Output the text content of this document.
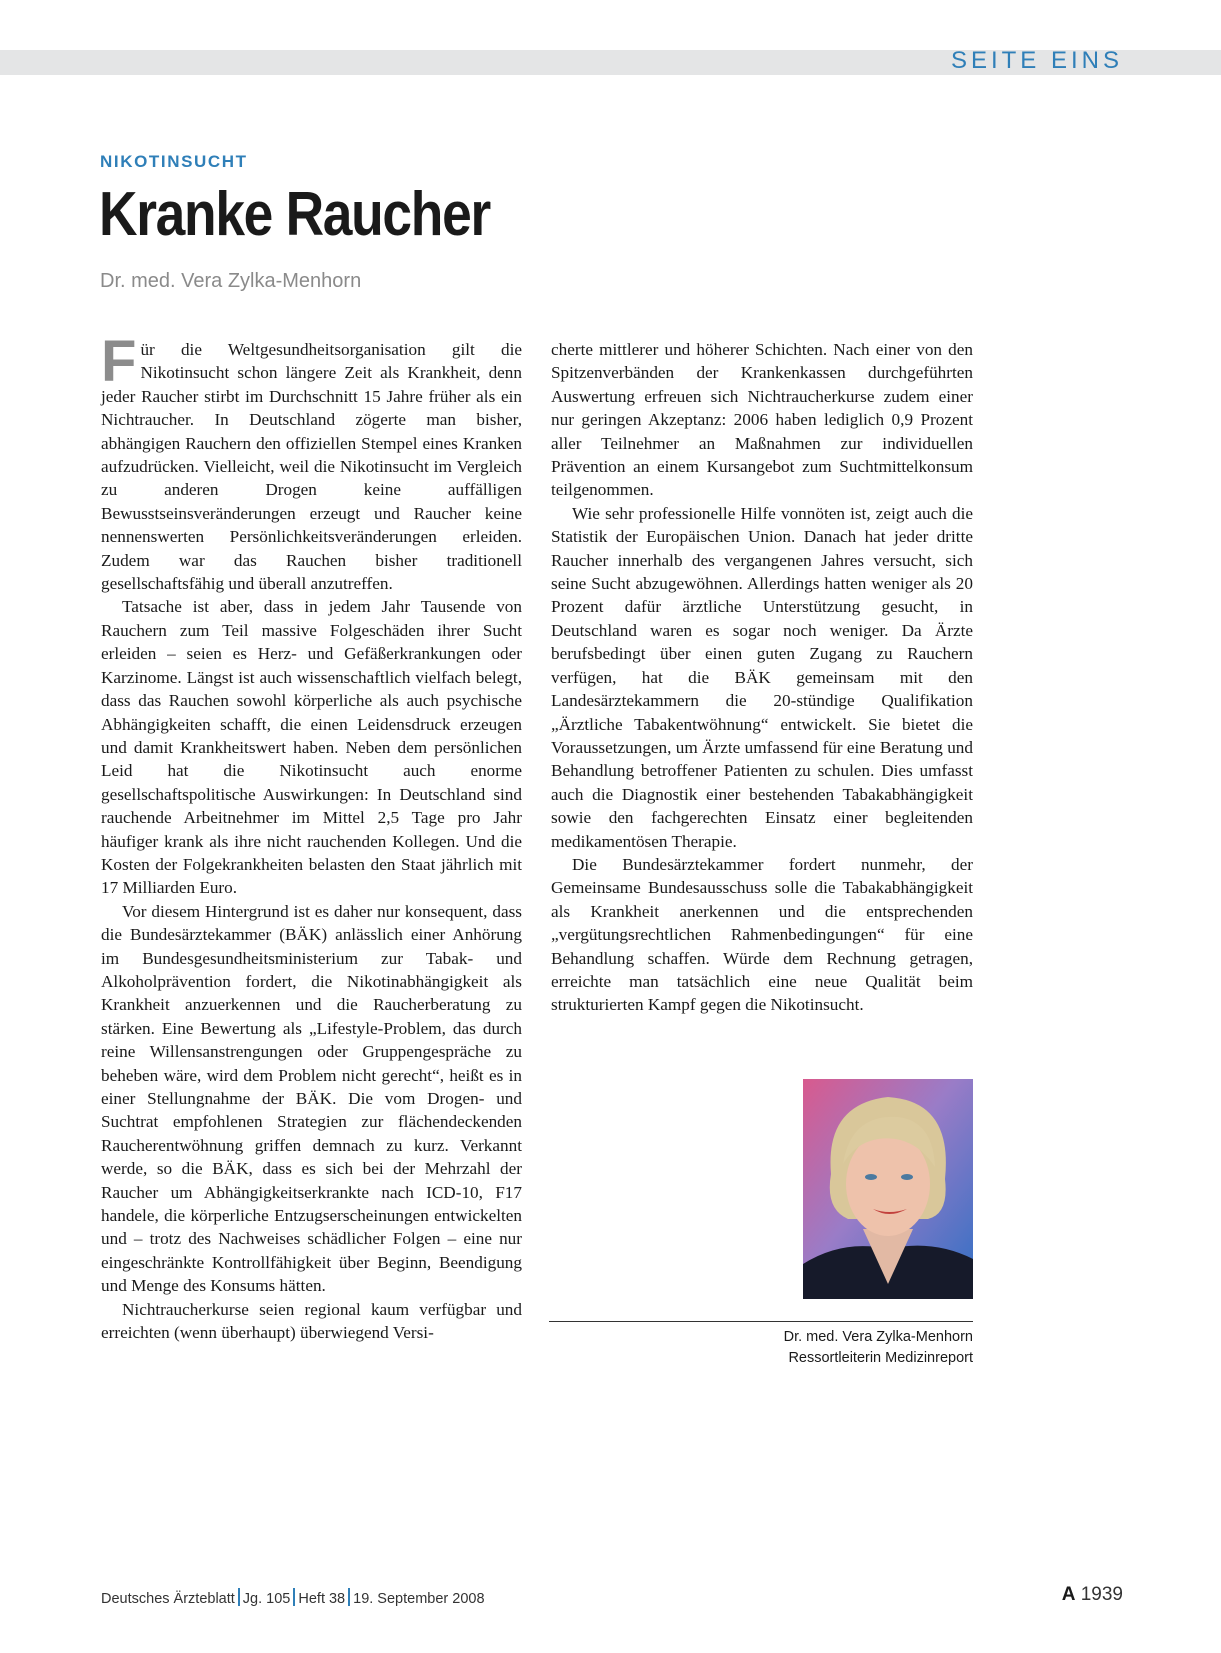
SEITE EINS
NIKOTINSUCHT
Kranke Raucher
Dr. med. Vera Zylka-Menhorn

Für die Weltgesundheitsorganisation gilt die Nikotinsucht schon längere Zeit als Krankheit, denn jeder Raucher stirbt im Durchschnitt 15 Jahre früher als ein Nichtraucher. In Deutschland zögerte man bisher, abhängigen Rauchern den offiziellen Stempel eines Kranken aufzudrücken. Vielleicht, weil die Nikotinsucht im Vergleich zu anderen Drogen keine auffälligen Bewusstseinsveränderungen erzeugt und Raucher keine nennenswerten Persönlichkeitsveränderungen erleiden. Zudem war das Rauchen bisher traditionell gesellschaftsfähig und überall anzutreffen.

Tatsache ist aber, dass in jedem Jahr Tausende von Rauchern zum Teil massive Folgeschäden ihrer Sucht erleiden – seien es Herz- und Gefäßerkrankungen oder Karzinome. Längst ist auch wissenschaftlich vielfach belegt, dass das Rauchen sowohl körperliche als auch psychische Abhängigkeiten schafft, die einen Leidensdruck erzeugen und damit Krankheitswert haben. Neben dem persönlichen Leid hat die Nikotinsucht auch enorme gesellschaftspolitische Auswirkungen: In Deutschland sind rauchende Arbeitnehmer im Mittel 2,5 Tage pro Jahr häufiger krank als ihre nicht rauchenden Kollegen. Und die Kosten der Folgekrankheiten belasten den Staat jährlich mit 17 Milliarden Euro.

Vor diesem Hintergrund ist es daher nur konsequent, dass die Bundesärztekammer (BÄK) anlässlich einer Anhörung im Bundesgesundheitsministerium zur Tabak- und Alkoholprävention fordert, die Nikotinabhängigkeit als Krankheit anzuerkennen und die Raucherberatung zu stärken. Eine Bewertung als „Lifestyle-Problem, das durch reine Willensanstrengungen oder Gruppengespräche zu beheben wäre, wird dem Problem nicht gerecht“, heißt es in einer Stellungnahme der BÄK. Die vom Drogen- und Suchtrat empfohlenen Strategien zur flächendeckenden Raucherentwöhnung griffen demnach zu kurz. Verkannt werde, so die BÄK, dass es sich bei der Mehrzahl der Raucher um Abhängigkeitserkrankte nach ICD-10, F17 handele, die körperliche Entzugserscheinungen entwickelten und – trotz des Nachweises schädlicher Folgen – eine nur eingeschränkte Kontrollfähigkeit über Beginn, Beendigung und Menge des Konsums hätten.

Nichtraucherkurse seien regional kaum verfügbar und erreichten (wenn überhaupt) überwiegend Versi-

cherte mittlerer und höherer Schichten. Nach einer von den Spitzenverbänden der Krankenkassen durchgeführten Auswertung erfreuen sich Nichtraucherkurse zudem einer nur geringen Akzeptanz: 2006 haben lediglich 0,9 Prozent aller Teilnehmer an Maßnahmen zur individuellen Prävention an einem Kursangebot zum Suchtmittelkonsum teilgenommen.

Wie sehr professionelle Hilfe vonnöten ist, zeigt auch die Statistik der Europäischen Union. Danach hat jeder dritte Raucher innerhalb des vergangenen Jahres versucht, sich seine Sucht abzugewöhnen. Allerdings hatten weniger als 20 Prozent dafür ärztliche Unterstützung gesucht, in Deutschland waren es sogar noch weniger. Da Ärzte berufsbedingt über einen guten Zugang zu Rauchern verfügen, hat die BÄK gemeinsam mit den Landesärztekammern die 20-stündige Qualifikation „Ärztliche Tabakentwöhnung“ entwickelt. Sie bietet die Voraussetzungen, um Ärzte umfassend für eine Beratung und Behandlung betroffener Patienten zu schulen. Dies umfasst auch die Diagnostik einer bestehenden Tabakabhängigkeit sowie den fachgerechten Einsatz einer begleitenden medikamentösen Therapie.

Die Bundesärztekammer fordert nunmehr, der Gemeinsame Bundesausschuss solle die Tabakabhängigkeit als Krankheit anerkennen und die entsprechenden „vergütungsrechtlichen Rahmenbedingungen“ für eine Behandlung schaffen. Würde dem Rechnung getragen, erreichte man tatsächlich eine neue Qualität beim strukturierten Kampf gegen die Nikotinsucht.

Dr. med. Vera Zylka-Menhorn
Ressortleiterin Medizinreport
Deutsches Ärzteblatt Jg. 105 Heft 38 19. September 2008	A 1939
